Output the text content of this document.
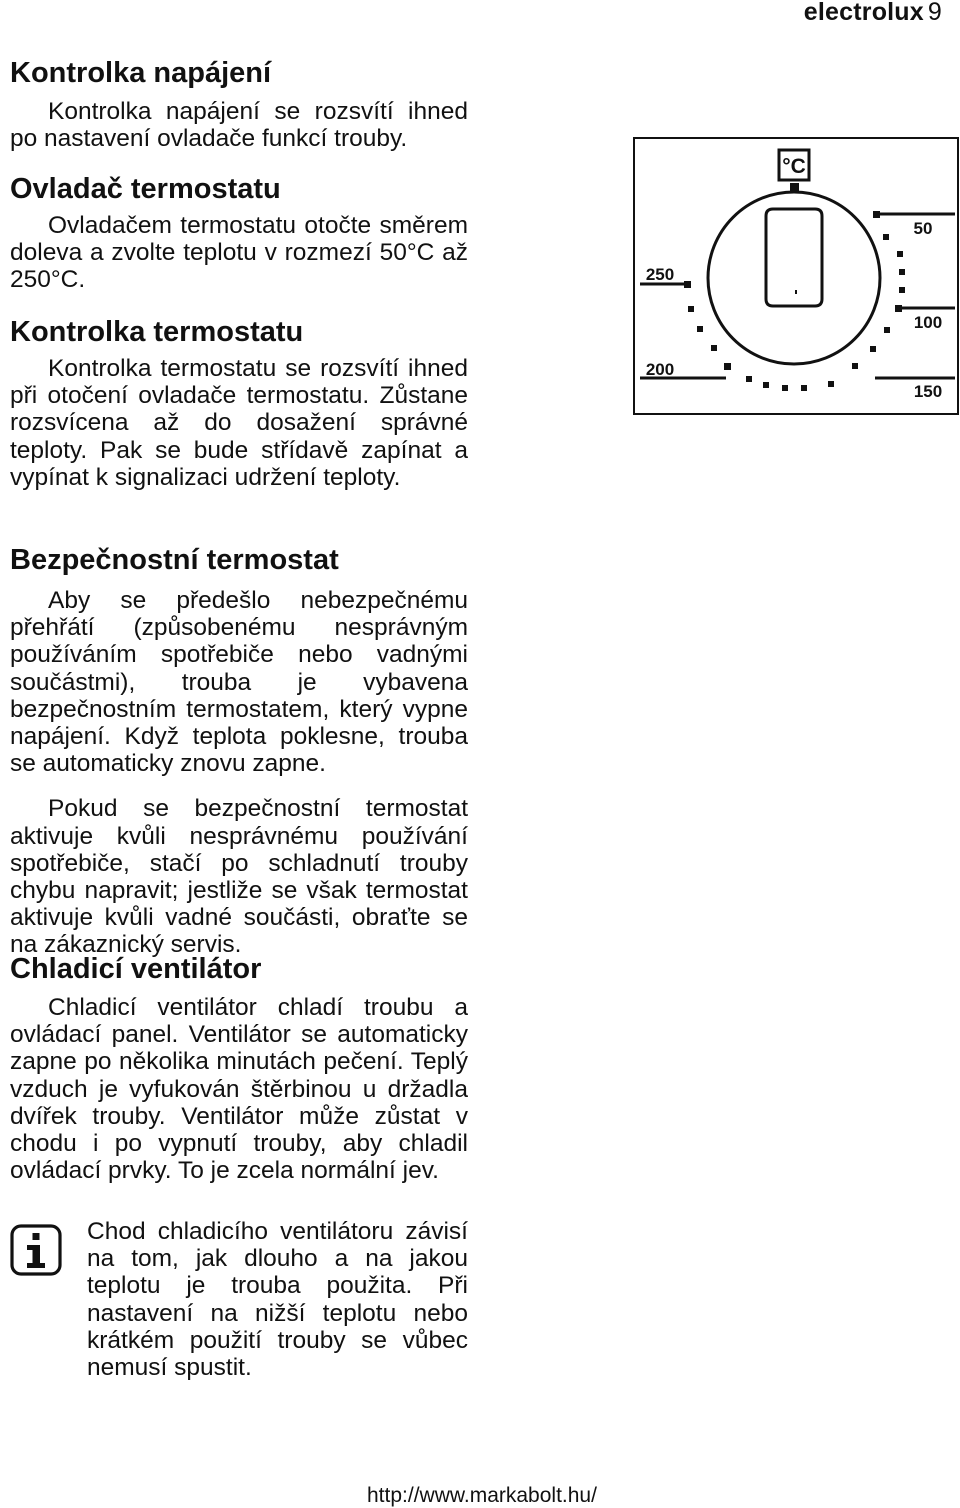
electrolux 9
Kontrolka napájení

Kontrolka napájení se rozsvítí ihned po nastavení ovladače funkcí trouby.

Ovladač termostatu

Ovladačem termostatu otočte směrem doleva a zvolte teplotu v rozmezí 50°C až 250°C.

Kontrolka termostatu

Kontrolka termostatu se rozsvítí ihned při otočení ovladače termostatu. Zůstane rozsvícena až do dosažení správné teploty. Pak se bude střídavě zapínat a vypínat k signalizaci udržení teploty.

Bezpečnostní termostat

Aby se předešlo nebezpečnému přehřátí (způsobenému nesprávným používáním spotřebiče nebo vadnými součástmi), trouba je vybavena bezpečnostním termostatem, který vypne napájení. Když teplota poklesne, trouba se automaticky znovu zapne.

Pokud se bezpečnostní termostat aktivuje kvůli nesprávnému používání spotřebiče, stačí po schladnutí trouby chybu napravit; jestliže se však termostat aktivuje kvůli vadné součásti, obraťte se na zákaznický servis.

Chladicí ventilátor

Chladicí ventilátor chladí troubu a ovládací panel. Ventilátor se automaticky zapne po několika minutách pečení. Teplý vzduch je vyfukován štěrbinou u držadla dvířek trouby. Ventilátor může zůstat v chodu i po vypnutí trouby, aby chladil ovládací prvky. To je zcela normální jev.

Chod chladicího ventilátoru závisí na tom, jak dlouho a na jakou teplotu je trouba použita. Při nastavení na nižší teplotu nebo krátkém použití trouby se vůbec nemusí spustit.

°C
50
100
150
200
250
http://www.markabolt.hu/
